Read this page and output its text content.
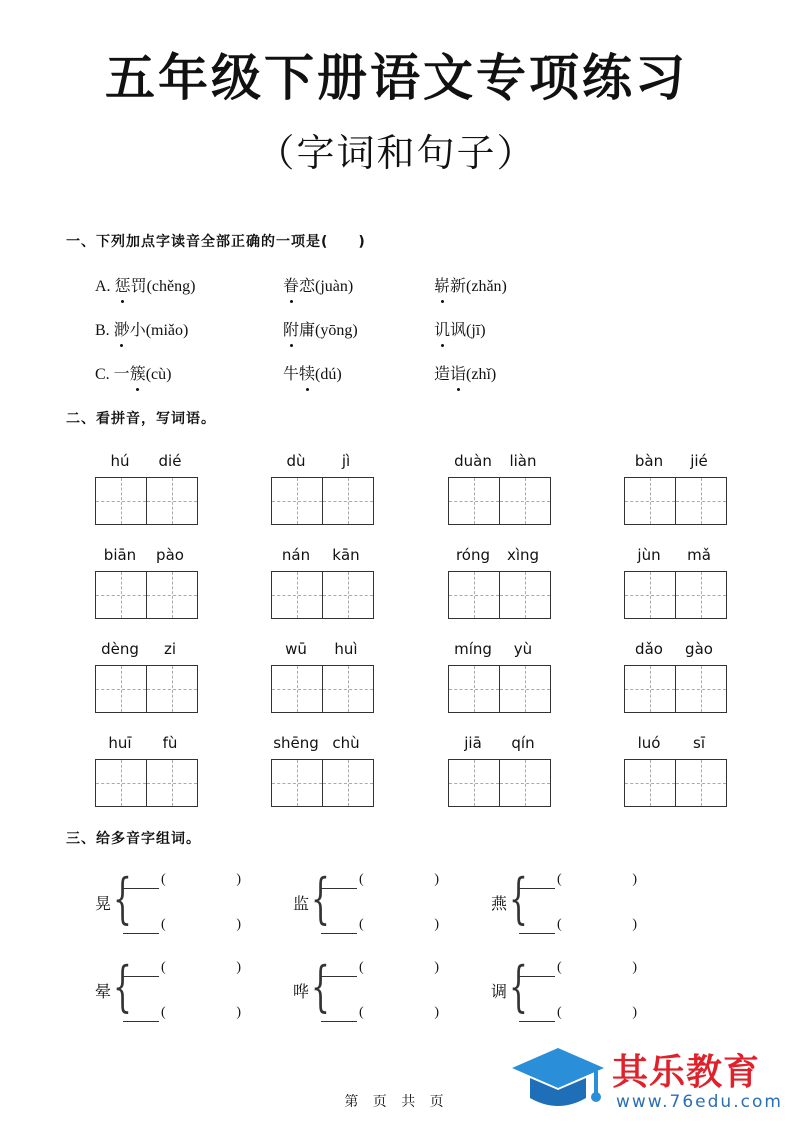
五年级下册语文专项练习
（字词和句子）
一、下列加点字读音全部正确的一项是(　　)
A. 惩罚(chěng)	眷恋(juàn)	崭新(zhǎn)
B. 渺小(miǎo)	附庸(yōng)	讥讽(jī)
C. 一簇(cù)	牛犊(dú)	造诣(zhǐ)
二、看拼音，写词语。
hú dié	dù jì	duàn liàn	bàn jié
biān pào	nán kān	róng xìng	jùn mǎ
dèng zi	wū huì	míng yù	dǎo gào
huī fù	shēng chù	jiā qín	luó sī
三、给多音字组词。
晃 { (	)
(	)
监 { (	)
(	)
燕 { (	)
(	)
晕 { (	)
(	)
哗 { (	)
(	)
调 { (	)
(	)
第 页 共 页
其乐教育
www.76edu.com
